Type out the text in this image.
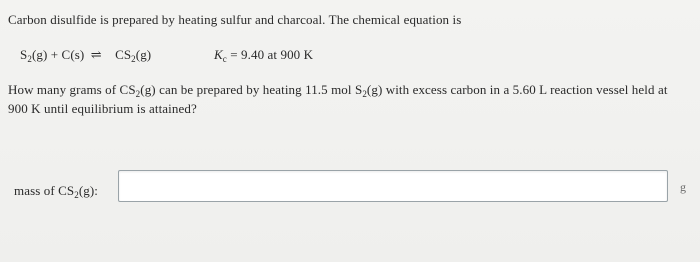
Carbon disulfide is prepared by heating sulfur and charcoal. The chemical equation is
$S_2(g) + C(s)$ ⇌ $CS_2(g)$	$K_c = 9.40$ at 900 K
How many grams of $CS_2(g)$ can be prepared by heating 11.5 mol $S_2(g)$ with excess carbon in a 5.60 L reaction vessel held at
900 K until equilibrium is attained?
mass of $CS_2(g)$:	g
